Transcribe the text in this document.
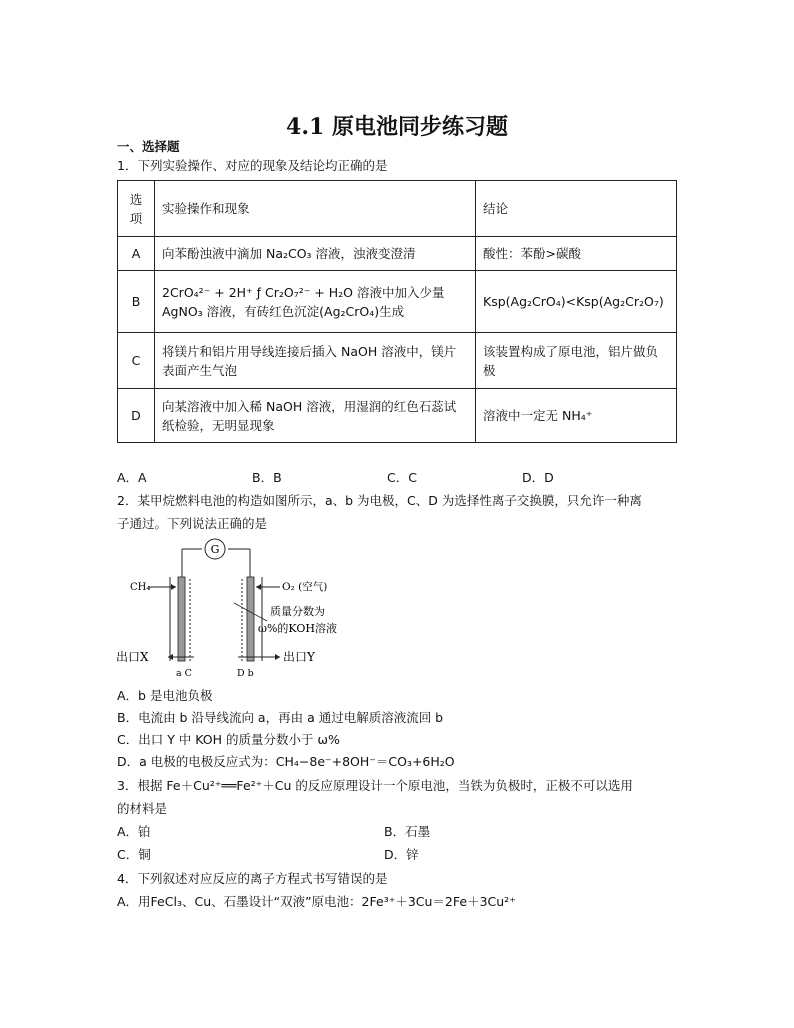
4.1 原电池同步练习题
一、选择题
1．下列实验操作、对应的现象及结论均正确的是
选项	实验操作和现象	结论
A	向苯酚浊液中滴加 Na₂CO₃ 溶液，浊液变澄清	酸性：苯酚>碳酸
B	2CrO₄²⁻ + 2H⁺ ƒ Cr₂O₇²⁻ + H₂O 溶液中加入少量 AgNO₃ 溶液，有砖红色沉淀(Ag₂CrO₄)生成	Ksp(Ag₂CrO₄)<Ksp(Ag₂Cr₂O₇)
C	将镁片和铝片用导线连接后插入 NaOH 溶液中，镁片表面产生气泡	该装置构成了原电池，铝片做负极
D	向某溶液中加入稀 NaOH 溶液，用湿润的红色石蕊试纸检验，无明显现象	溶液中一定无 NH₄⁺
A．A	B．B	C．C	D．D
2．某甲烷燃料电池的构造如图所示，a、b 为电极，C、D 为选择性离子交换膜，只允许一种离
子通过。下列说法正确的是
G
CH₄	O₂ (空气)
质量分数为
ω%的KOH溶液
出口X	出口Y
a C	D b
A．b 是电池负极
B．电流由 b 沿导线流向 a，再由 a 通过电解质溶液流回 b
C．出口 Y 中 KOH 的质量分数小于 ω%
D．a 电极的电极反应式为：CH₄−8e⁻+8OH⁻＝CO₃+6H₂O
3．根据 Fe＋Cu²⁺══Fe²⁺＋Cu 的反应原理设计一个原电池，当铁为负极时，正极不可以选用
的材料是
A．铂	B．石墨
C．铜	D．锌
4．下列叙述对应反应的离子方程式书写错误的是
A．用FeCl₃、Cu、石墨设计“双液”原电池：2Fe³⁺＋3Cu＝2Fe＋3Cu²⁺
